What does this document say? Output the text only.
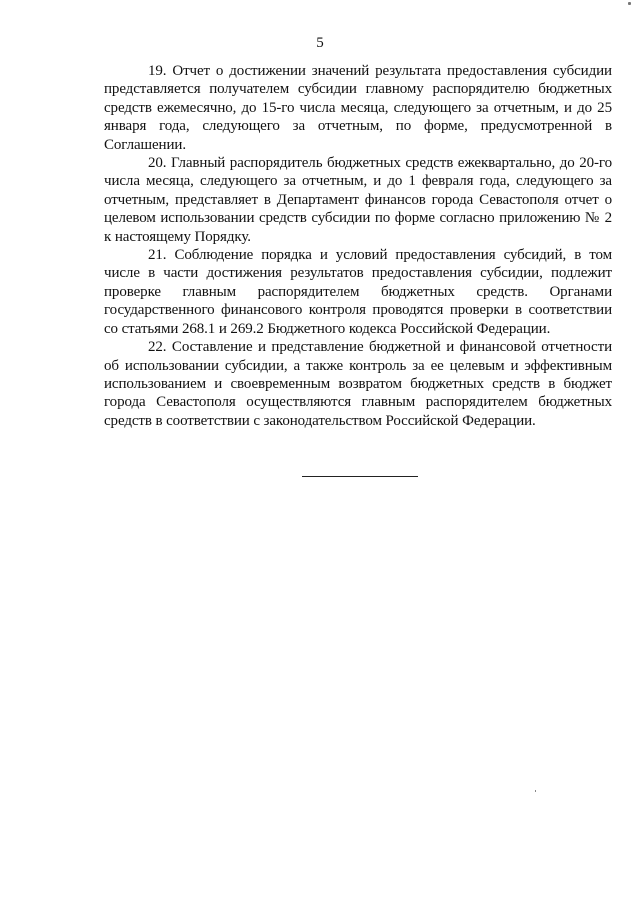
5

19. Отчет о достижении значений результата предоставления субсидии представляется получателем субсидии главному распорядителю бюджетных средств ежемесячно, до 15-го числа месяца, следующего за отчетным, и до 25 января года, следующего за отчетным, по форме, предусмотренной в Соглашении.

20. Главный распорядитель бюджетных средств ежеквартально, до 20-го числа месяца, следующего за отчетным, и до 1 февраля года, следующего за отчетным, представляет в Департамент финансов города Севастополя отчет о целевом использовании средств субсидии по форме согласно приложению № 2 к настоящему Порядку.

21. Соблюдение порядка и условий предоставления субсидий, в том числе в части достижения результатов предоставления субсидии, подлежит проверке главным распорядителем бюджетных средств. Органами государственного финансового контроля проводятся проверки в соответствии со статьями 268.1 и 269.2 Бюджетного кодекса Российской Федерации.

22. Составление и представление бюджетной и финансовой отчетности об использовании субсидии, а также контроль за ее целевым и эффективным использованием и своевременным возвратом бюджетных средств в бюджет города Севастополя осуществляются главным распорядителем бюджетных средств в соответствии с законодательством Российской Федерации.
